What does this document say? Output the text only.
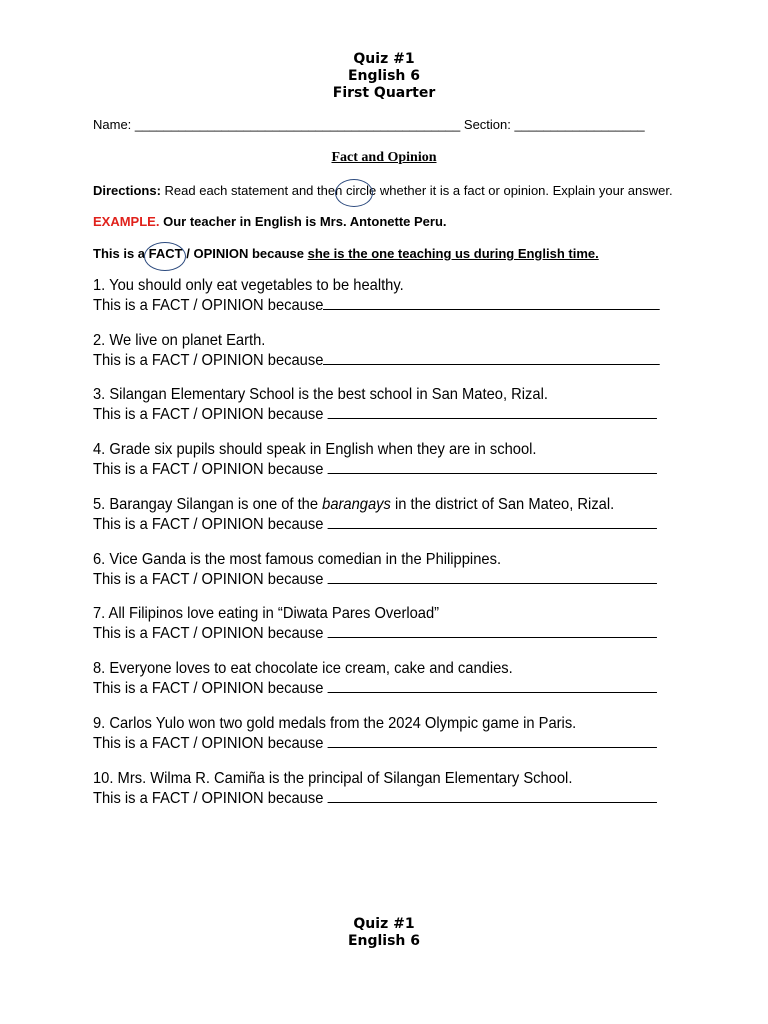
Quiz #1
English 6
First Quarter
Name: _____________________________________________ Section: __________________
Fact and Opinion
Directions: Read each statement and then circle whether it is a fact or opinion. Explain your answer.
EXAMPLE. Our teacher in English is Mrs. Antonette Peru.
This is a FACT / OPINION because she is the one teaching us during English time.
1. You should only eat vegetables to be healthy.
This is a FACT / OPINION because
2. We live on planet Earth.
This is a FACT / OPINION because
3. Silangan Elementary School is the best school in San Mateo, Rizal.
This is a FACT / OPINION because
4. Grade six pupils should speak in English when they are in school.
This is a FACT / OPINION because
5. Barangay Silangan is one of the barangays in the district of San Mateo, Rizal.
This is a FACT / OPINION because
6. Vice Ganda is the most famous comedian in the Philippines.
This is a FACT / OPINION because
7. All Filipinos love eating in “Diwata Pares Overload”
This is a FACT / OPINION because
8. Everyone loves to eat chocolate ice cream, cake and candies.
This is a FACT / OPINION because
9. Carlos Yulo won two gold medals from the 2024 Olympic game in Paris.
This is a FACT / OPINION because
10. Mrs. Wilma R. Camiña is the principal of Silangan Elementary School.
This is a FACT / OPINION because
Quiz #1
English 6
